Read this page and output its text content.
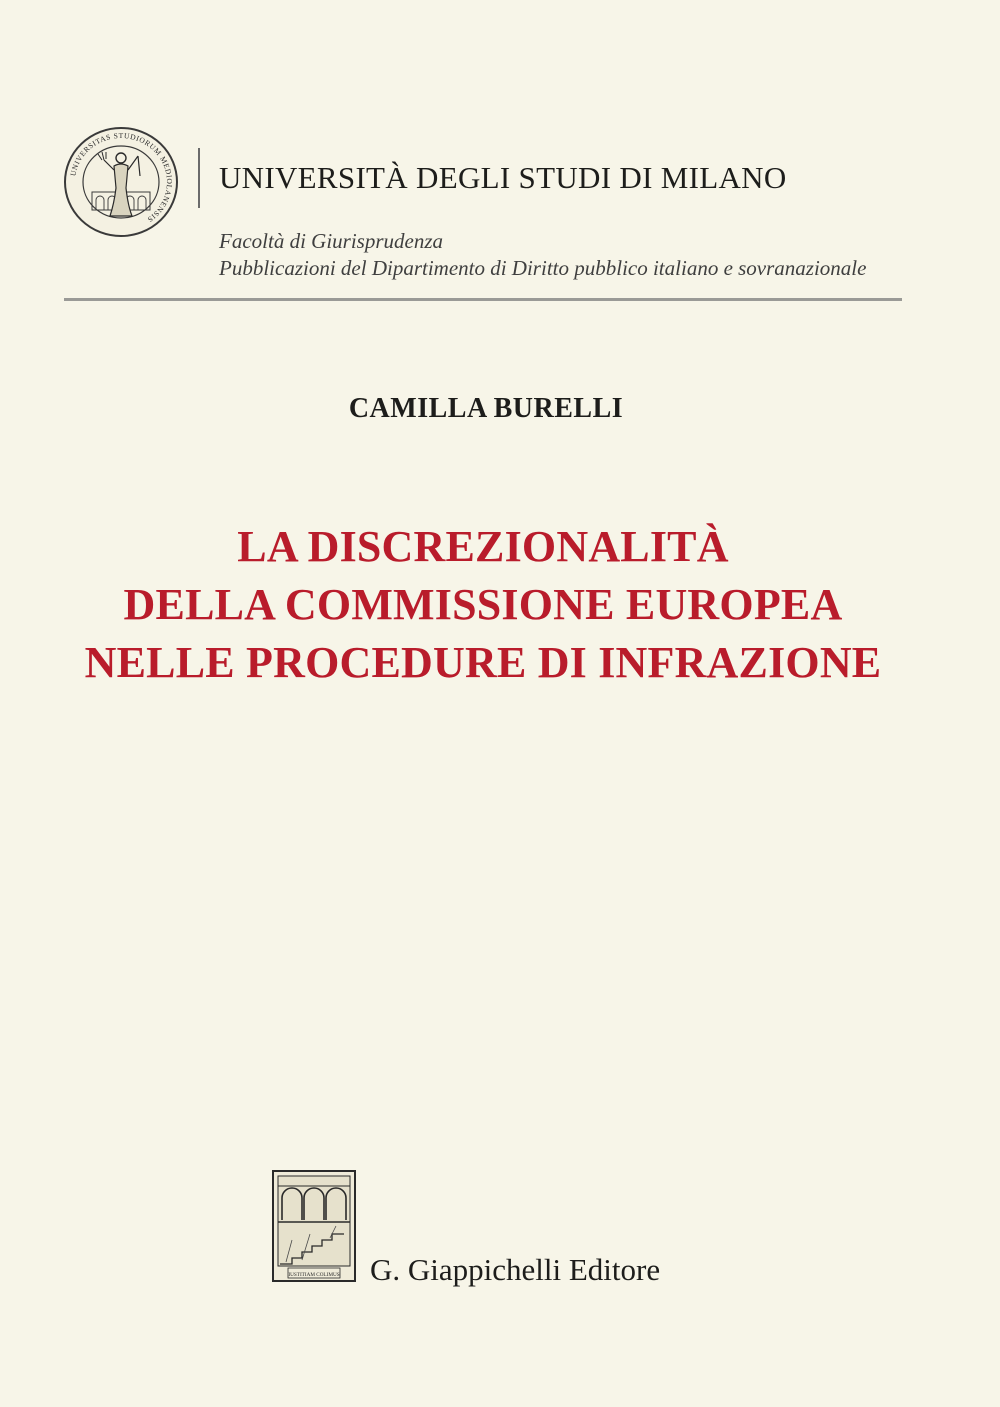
UNIVERSITAS STUDIORUM MEDIOLANENSIS
UNIVERSITÀ DEGLI STUDI DI MILANO
Facoltà di Giurisprudenza
Pubblicazioni del Dipartimento di Diritto pubblico italiano e sovranazionale
CAMILLA BURELLI
LA DISCREZIONALITÀ
DELLA COMMISSIONE EUROPEA
NELLE PROCEDURE DI INFRAZIONE
IUSTITIAM COLIMUS G. Giappichelli Editore
